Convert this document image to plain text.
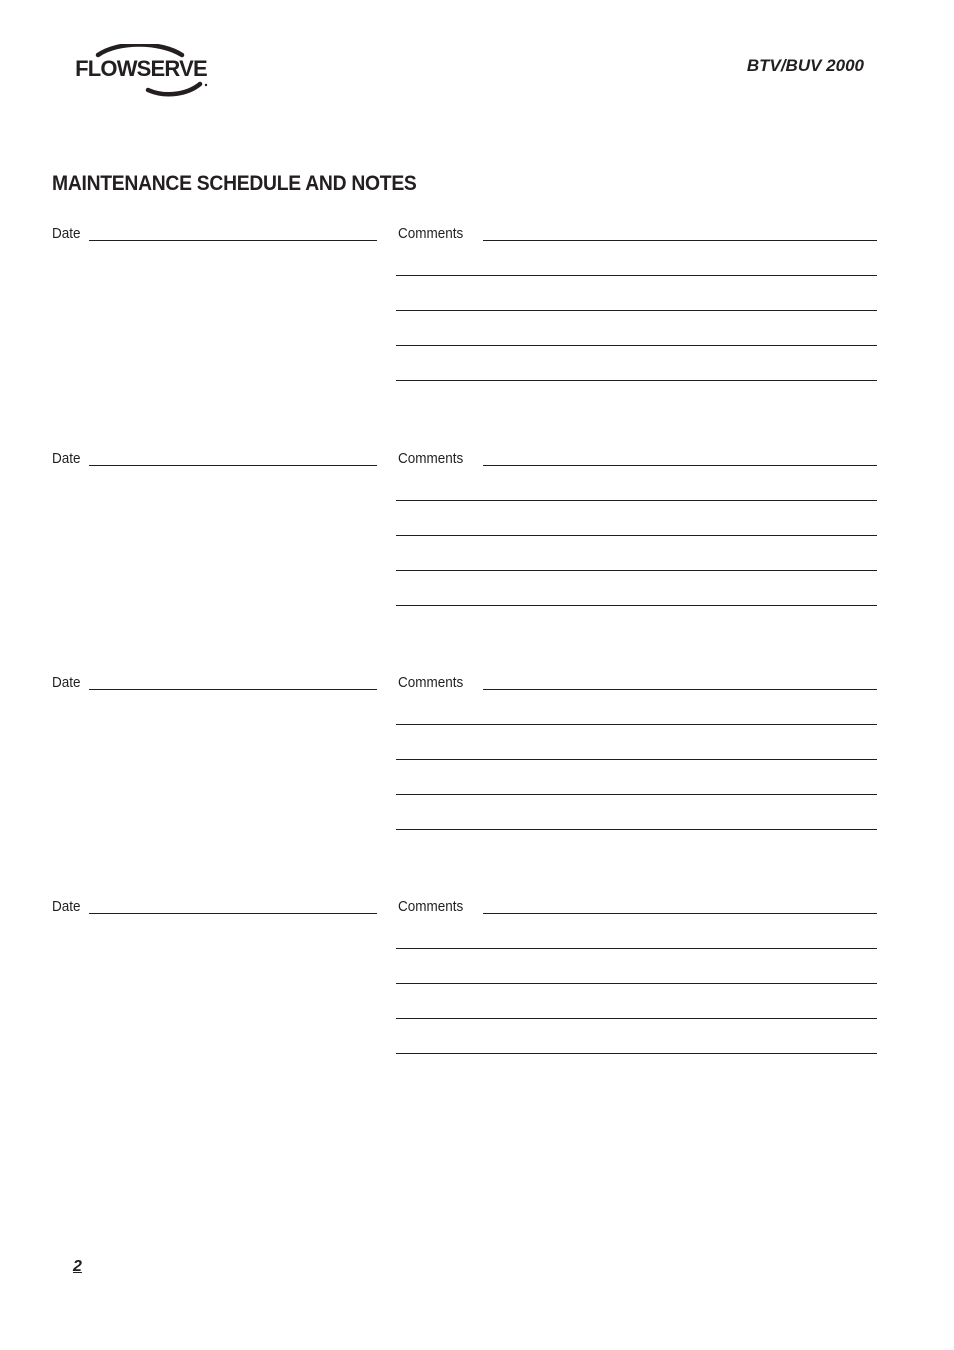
FLOWSERVE	BTV/BUV 2000
MAINTENANCE SCHEDULE AND NOTES
Date	Comments
Date	Comments
Date	Comments
Date	Comments
2
